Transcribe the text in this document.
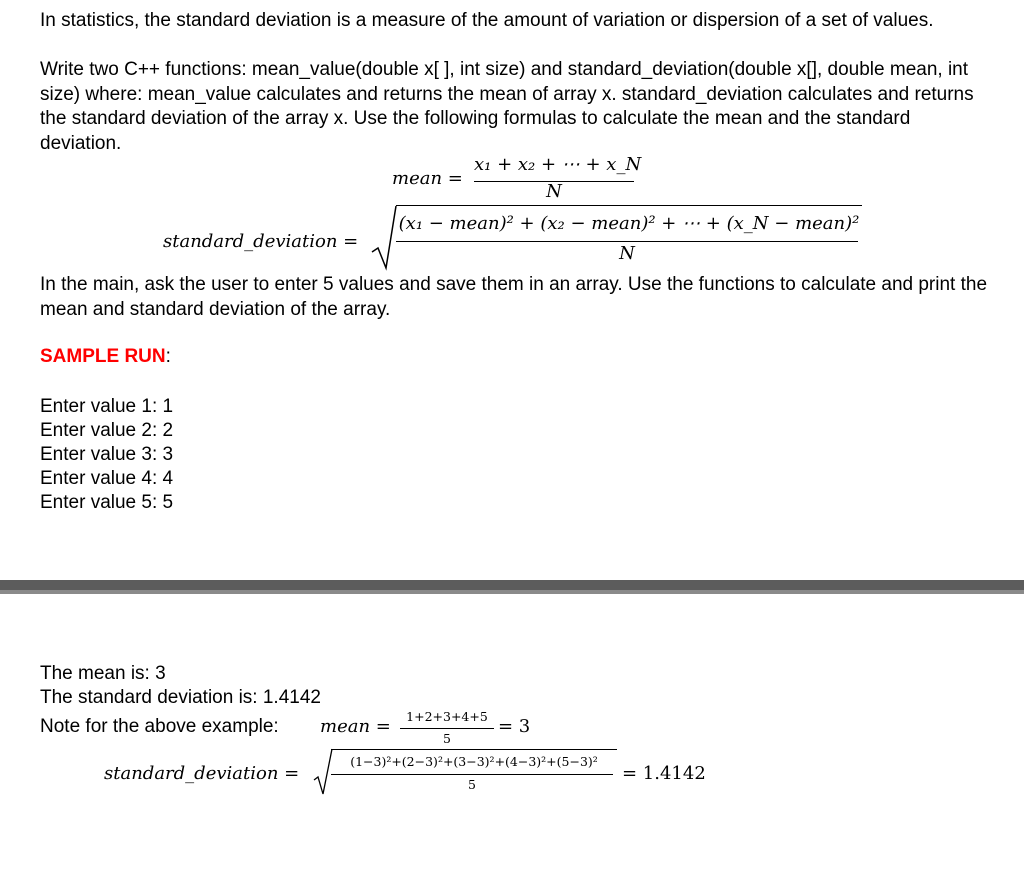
In statistics, the standard deviation is a measure of the amount of variation or dispersion of a set of values.

Write two C++ functions: mean_value(double x[ ], int size) and standard_deviation(double x[], double mean, int size) where: mean_value calculates and returns the mean of array x. standard_deviation calculates and returns the standard deviation of the array x. Use the following formulas to calculate the mean and the standard deviation.

mean =
x₁ + x₂ + ⋯ + x_N
N
standard_deviation =
(x₁ − mean)² + (x₂ − mean)² + ⋯ + (x_N − mean)²
N

In the main, ask the user to enter 5 values and save them in an array. Use the functions to calculate and print the mean and standard deviation of the array.

SAMPLE RUN:

Enter value 1: 1

Enter value 2: 2

Enter value 3: 3

Enter value 4: 4

Enter value 5: 5

The mean is: 3

The standard deviation is: 1.4142

Note for the above example: mean =	1+2+3+4+5
5
= 3
standard_deviation =
(1−3)²+(2−3)²+(3−3)²+(4−3)²+(5−3)²
5
= 1.4142
